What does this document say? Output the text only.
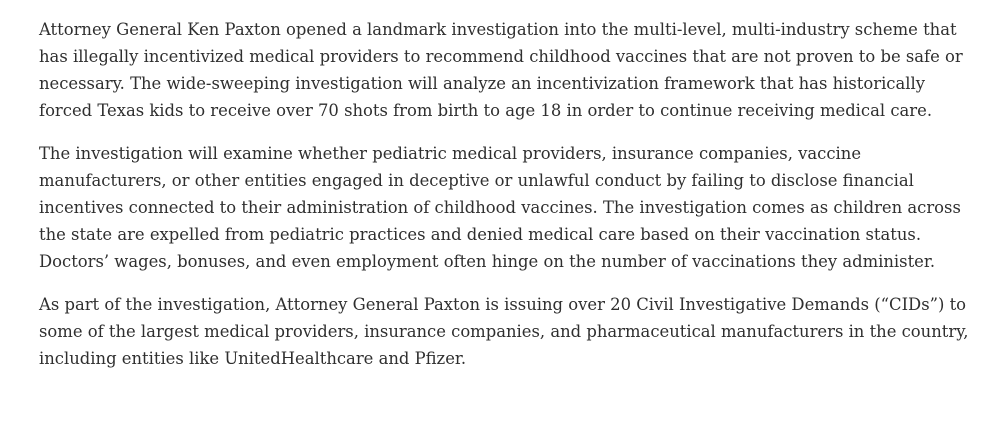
Attorney General Ken Paxton opened a landmark investigation into the multi-level, multi-industry scheme that has illegally incentivized medical providers to recommend childhood vaccines that are not proven to be safe or necessary. The wide-sweeping investigation will analyze an incentivization framework that has historically forced Texas kids to receive over 70 shots from birth to age 18 in order to continue receiving medical care.

The investigation will examine whether pediatric medical providers, insurance companies, vaccine manufacturers, or other entities engaged in deceptive or unlawful conduct by failing to disclose financial incentives connected to their administration of childhood vaccines. The investigation comes as children across the state are expelled from pediatric practices and denied medical care based on their vaccination status. Doctors’ wages, bonuses, and even employment often hinge on the number of vaccinations they administer.

As part of the investigation, Attorney General Paxton is issuing over 20 Civil Investigative Demands (“CIDs”) to some of the largest medical providers, insurance companies, and pharmaceutical manufacturers in the country, including entities like UnitedHealthcare and Pfizer.
